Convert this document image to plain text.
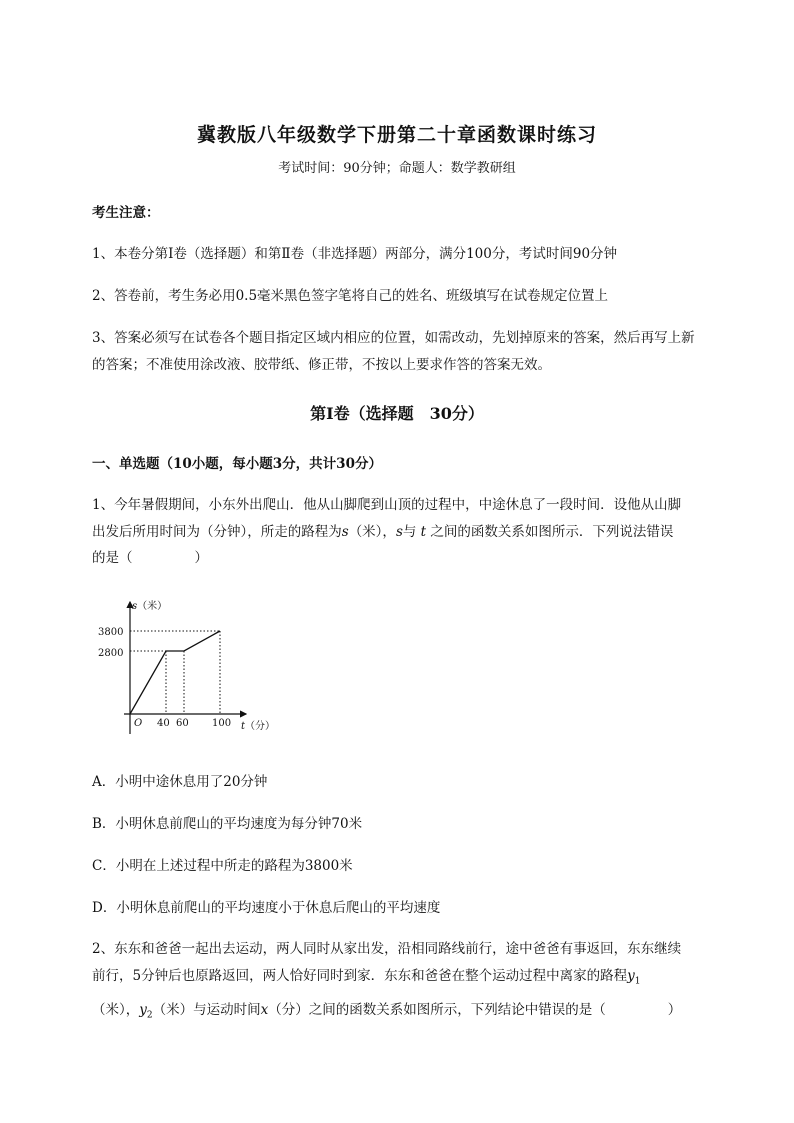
冀教版八年级数学下册第二十章函数课时练习
考试时间：90分钟；命题人：数学教研组
考生注意：
1、本卷分第I卷（选择题）和第Ⅱ卷（非选择题）两部分，满分100分，考试时间90分钟
2、答卷前，考生务必用0.5毫米黑色签字笔将自己的姓名、班级填写在试卷规定位置上
3、答案必须写在试卷各个题目指定区域内相应的位置，如需改动，先划掉原来的答案，然后再写上新
的答案；不准使用涂改液、胶带纸、修正带，不按以上要求作答的答案无效。
第I卷（选择题　30分）
一、单选题（10小题，每小题3分，共计30分）
1、今年暑假期间，小东外出爬山．他从山脚爬到山顶的过程中，中途休息了一段时间．设他从山脚
出发后所用时间为（分钟），所走的路程为s（米），s与 t 之间的函数关系如图所示．下列说法错误
的是（	）
s（米）
t（分）
O
3800
2800
40 60 100
A．小明中途休息用了20分钟
B．小明休息前爬山的平均速度为每分钟70米
C．小明在上述过程中所走的路程为3800米
D．小明休息前爬山的平均速度小于休息后爬山的平均速度
2、东东和爸爸一起出去运动，两人同时从家出发，沿相同路线前行，途中爸爸有事返回，东东继续
前行，5分钟后也原路返回，两人恰好同时到家．东东和爸爸在整个运动过程中离家的路程$y_1$
（米），$y_2$（米）与运动时间x（分）之间的函数关系如图所示，下列结论中错误的是（	）
